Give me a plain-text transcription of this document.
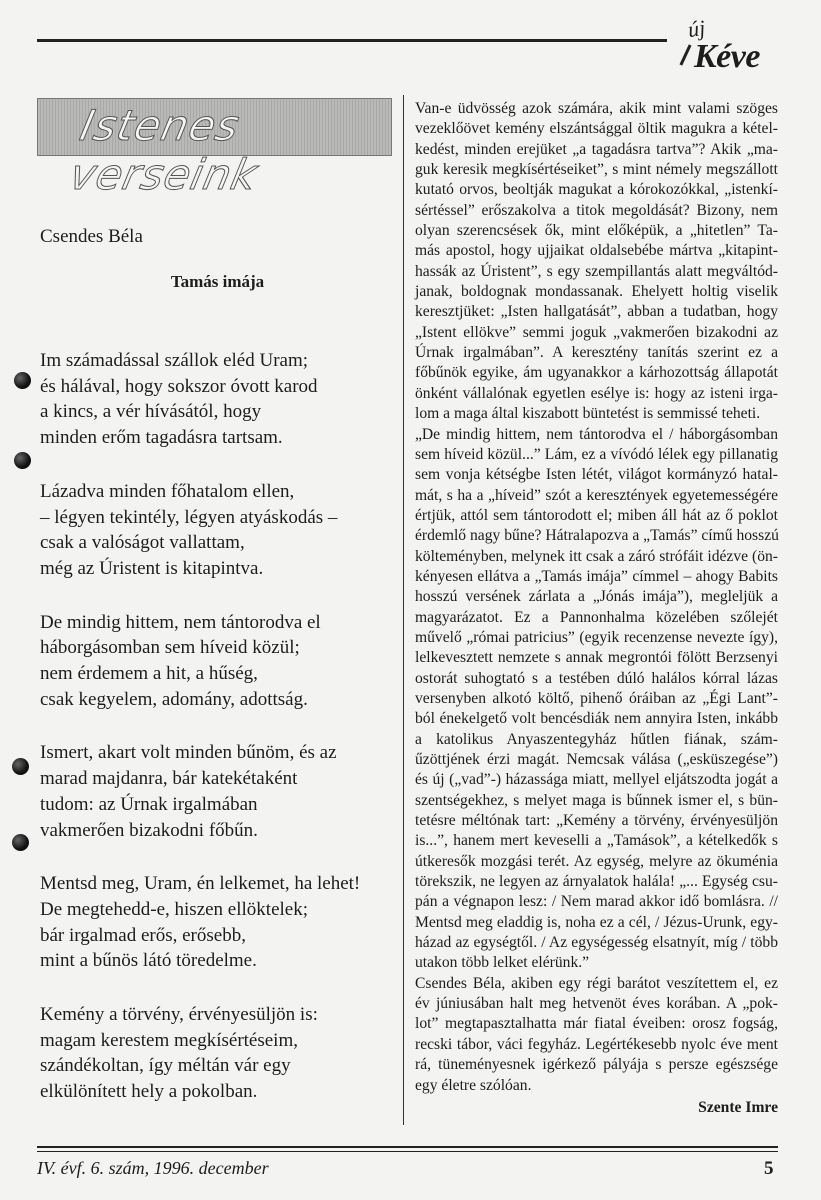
új
Kéve
Istenes verseink
Csendes Béla
Tamás imája
Im számadással szállok eléd Uram;
és hálával, hogy sokszor óvott karod
a kincs, a vér hívásától, hogy
minden erőm tagadásra tartsam.
Lázadva minden főhatalom ellen,
– légyen tekintély, légyen atyáskodás –
csak a valóságot vallattam,
még az Úristent is kitapintva.
De mindig hittem, nem tántorodva el
háborgásomban sem híveid közül;
nem érdemem a hit, a hűség,
csak kegyelem, adomány, adottság.
Ismert, akart volt minden bűnöm, és az
marad majdanra, bár katekétaként
tudom: az Úrnak irgalmában
vakmerően bizakodni főbűn.
Mentsd meg, Uram, én lelkemet, ha lehet!
De megtehedd-e, hiszen ellöktelek;
bár irgalmad erős, erősebb,
mint a bűnös látó töredelme.
Kemény a törvény, érvényesüljön is:
magam kerestem megkísértéseim,
szándékoltan, így méltán vár egy
elkülönített hely a pokolban.
Van-e üdvösség azok számára, akik mint valami szöges
vezeklőövet kemény elszántsággal öltik magukra a kétel-
kedést, minden erejüket „a tagadásra tartva”? Akik „ma-
guk keresik megkísértéseiket”, s mint némely megszállott
kutató orvos, beoltják magukat a kórokozókkal, „istenkí-
sértéssel” erőszakolva a titok megoldását? Bizony, nem
olyan szerencsések ők, mint előképük, a „hitetlen” Ta-
más apostol, hogy ujjaikat oldalsebébe mártva „kitapint-
hassák az Úristent”, s egy szempillantás alatt megváltód-
janak, boldognak mondassanak. Ehelyett holtig viselik
keresztjüket: „Isten hallgatását”, abban a tudatban, hogy
„Istent ellökve” semmi joguk „vakmerően bizakodni az
Úrnak irgalmában”. A keresztény tanítás szerint ez a
főbűnök egyike, ám ugyanakkor a kárhozottság állapotát
önként vállalónak egyetlen esélye is: hogy az isteni irga-
lom a maga által kiszabott büntetést is semmissé teheti.
„De mindig hittem, nem tántorodva el / háborgásomban
sem híveid közül...” Lám, ez a vívódó lélek egy pillanatig
sem vonja kétségbe Isten létét, világot kormányzó hatal-
mát, s ha a „híveid” szót a keresztények egyetemességére
értjük, attól sem tántorodott el; miben áll hát az ő poklot
érdemlő nagy bűne? Hátralapozva a „Tamás” című hosszú
költeményben, melynek itt csak a záró strófáit idézve (ön-
kényesen ellátva a „Tamás imája” címmel – ahogy Babits
hosszú versének zárlata a „Jónás imája”), megleljük a
magyarázatot. Ez a Pannonhalma közelében szőlejét
művelő „római patricius” (egyik recenzense nevezte így),
lelkevesztett nemzete s annak megrontói fölött Berzsenyi
ostorát suhogtató s a testében dúló halálos kórral lázas
versenyben alkotó költő, pihenő óráiban az „Égi Lant”-
ból énekelgető volt bencésdiák nem annyira Isten, inkább
a katolikus Anyaszentegyház hűtlen fiának, szám-
űzöttjének érzi magát. Nemcsak válása („esküszegése”)
és új („vad”-) házassága miatt, mellyel eljátszodta jogát a
szentségekhez, s melyet maga is bűnnek ismer el, s bün-
tetésre méltónak tart: „Kemény a törvény, érvényesüljön
is...”, hanem mert keveselli a „Tamások”, a kételkedők s
útkeresők mozgási terét. Az egység, melyre az ökuménia
törekszik, ne legyen az árnyalatok halála! „... Egység csu-
pán a végnapon lesz: / Nem marad akkor idő bomlásra. //
Mentsd meg eladdig is, noha ez a cél, / Jézus-Urunk, egy-
házad az egységtől. / Az egységesség elsatnyít, míg / több
utakon több lelket elérünk.”
Csendes Béla, akiben egy régi barátot veszítettem el, ez
év júniusában halt meg hetvenöt éves korában. A „pok-
lot” megtapasztalhatta már fiatal éveiben: orosz fogság,
recski tábor, váci fegyház. Legértékesebb nyolc éve ment
rá, tüneményesnek igérkező pályája s persze egészsége
egy életre szólóan.
Szente Imre
IV. évf. 6. szám, 1996. december	5
